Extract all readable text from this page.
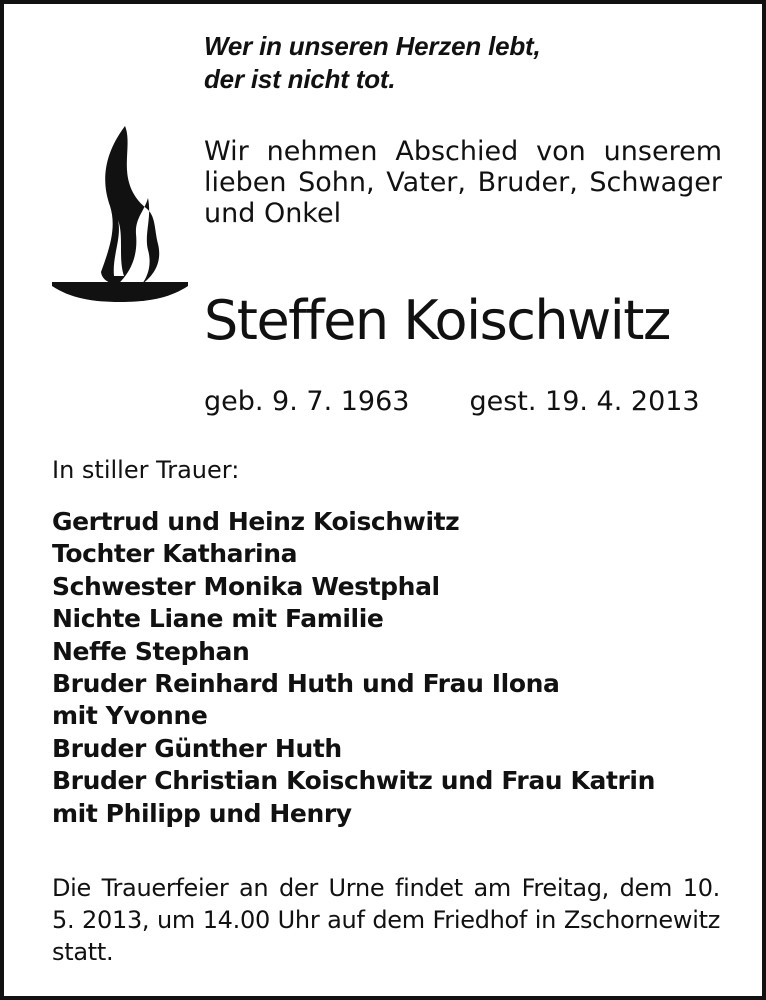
Wer in unseren Herzen lebt,
der ist nicht tot.
Wir nehmen Abschied von unserem lieben Sohn, Vater, Bruder, Schwager und Onkel
Steffen Koischwitz
geb. 9. 7. 1963 gest. 19. 4. 2013
In stiller Trauer:
Gertrud und Heinz Koischwitz
Tochter Katharina
Schwester Monika Westphal
Nichte Liane mit Familie
Neffe Stephan
Bruder Reinhard Huth und Frau Ilona
mit Yvonne
Bruder Günther Huth
Bruder Christian Koischwitz und Frau Katrin
mit Philipp und Henry
Die Trauerfeier an der Urne findet am Freitag, dem 10. 5. 2013, um 14.00 Uhr auf dem Friedhof in Zschornewitz statt.
